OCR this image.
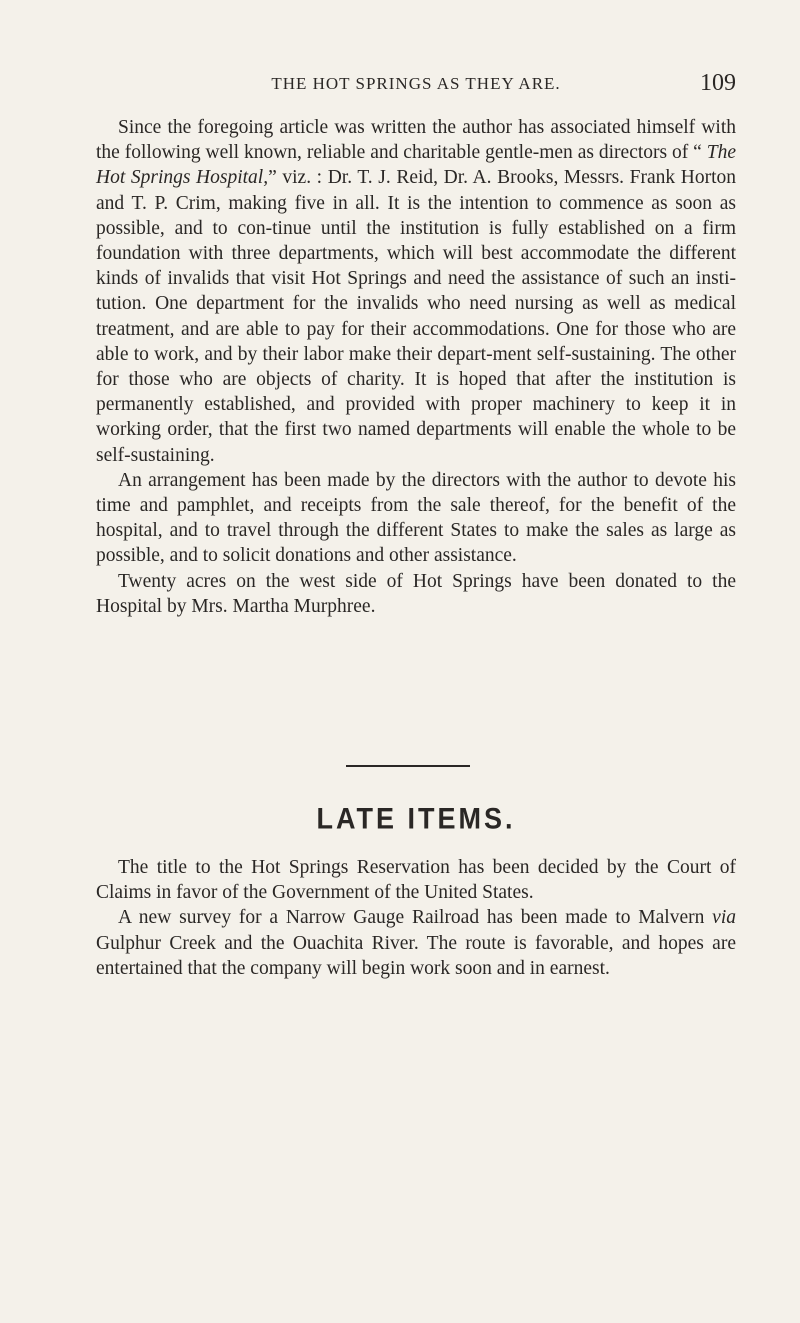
THE HOT SPRINGS AS THEY ARE.	109

Since the foregoing article was written the author has associated himself with the following well known, reliable and charitable gentle-men as directors of “ The Hot Springs Hospital,” viz. : Dr. T. J. Reid, Dr. A. Brooks, Messrs. Frank Horton and T. P. Crim, making five in all. It is the intention to commence as soon as possible, and to con-tinue until the institution is fully established on a firm foundation with three departments, which will best accommodate the different kinds of invalids that visit Hot Springs and need the assistance of such an insti-tution. One department for the invalids who need nursing as well as medical treatment, and are able to pay for their accommodations. One for those who are able to work, and by their labor make their depart-ment self-sustaining. The other for those who are objects of charity. It is hoped that after the institution is permanently established, and provided with proper machinery to keep it in working order, that the first two named departments will enable the whole to be self-sustaining.

An arrangement has been made by the directors with the author to devote his time and pamphlet, and receipts from the sale thereof, for the benefit of the hospital, and to travel through the different States to make the sales as large as possible, and to solicit donations and other assistance.

Twenty acres on the west side of Hot Springs have been donated to the Hospital by Mrs. Martha Murphree.

LATE ITEMS.

The title to the Hot Springs Reservation has been decided by the Court of Claims in favor of the Government of the United States.

A new survey for a Narrow Gauge Railroad has been made to Malvern via Gulphur Creek and the Ouachita River. The route is favorable, and hopes are entertained that the company will begin work soon and in earnest.
